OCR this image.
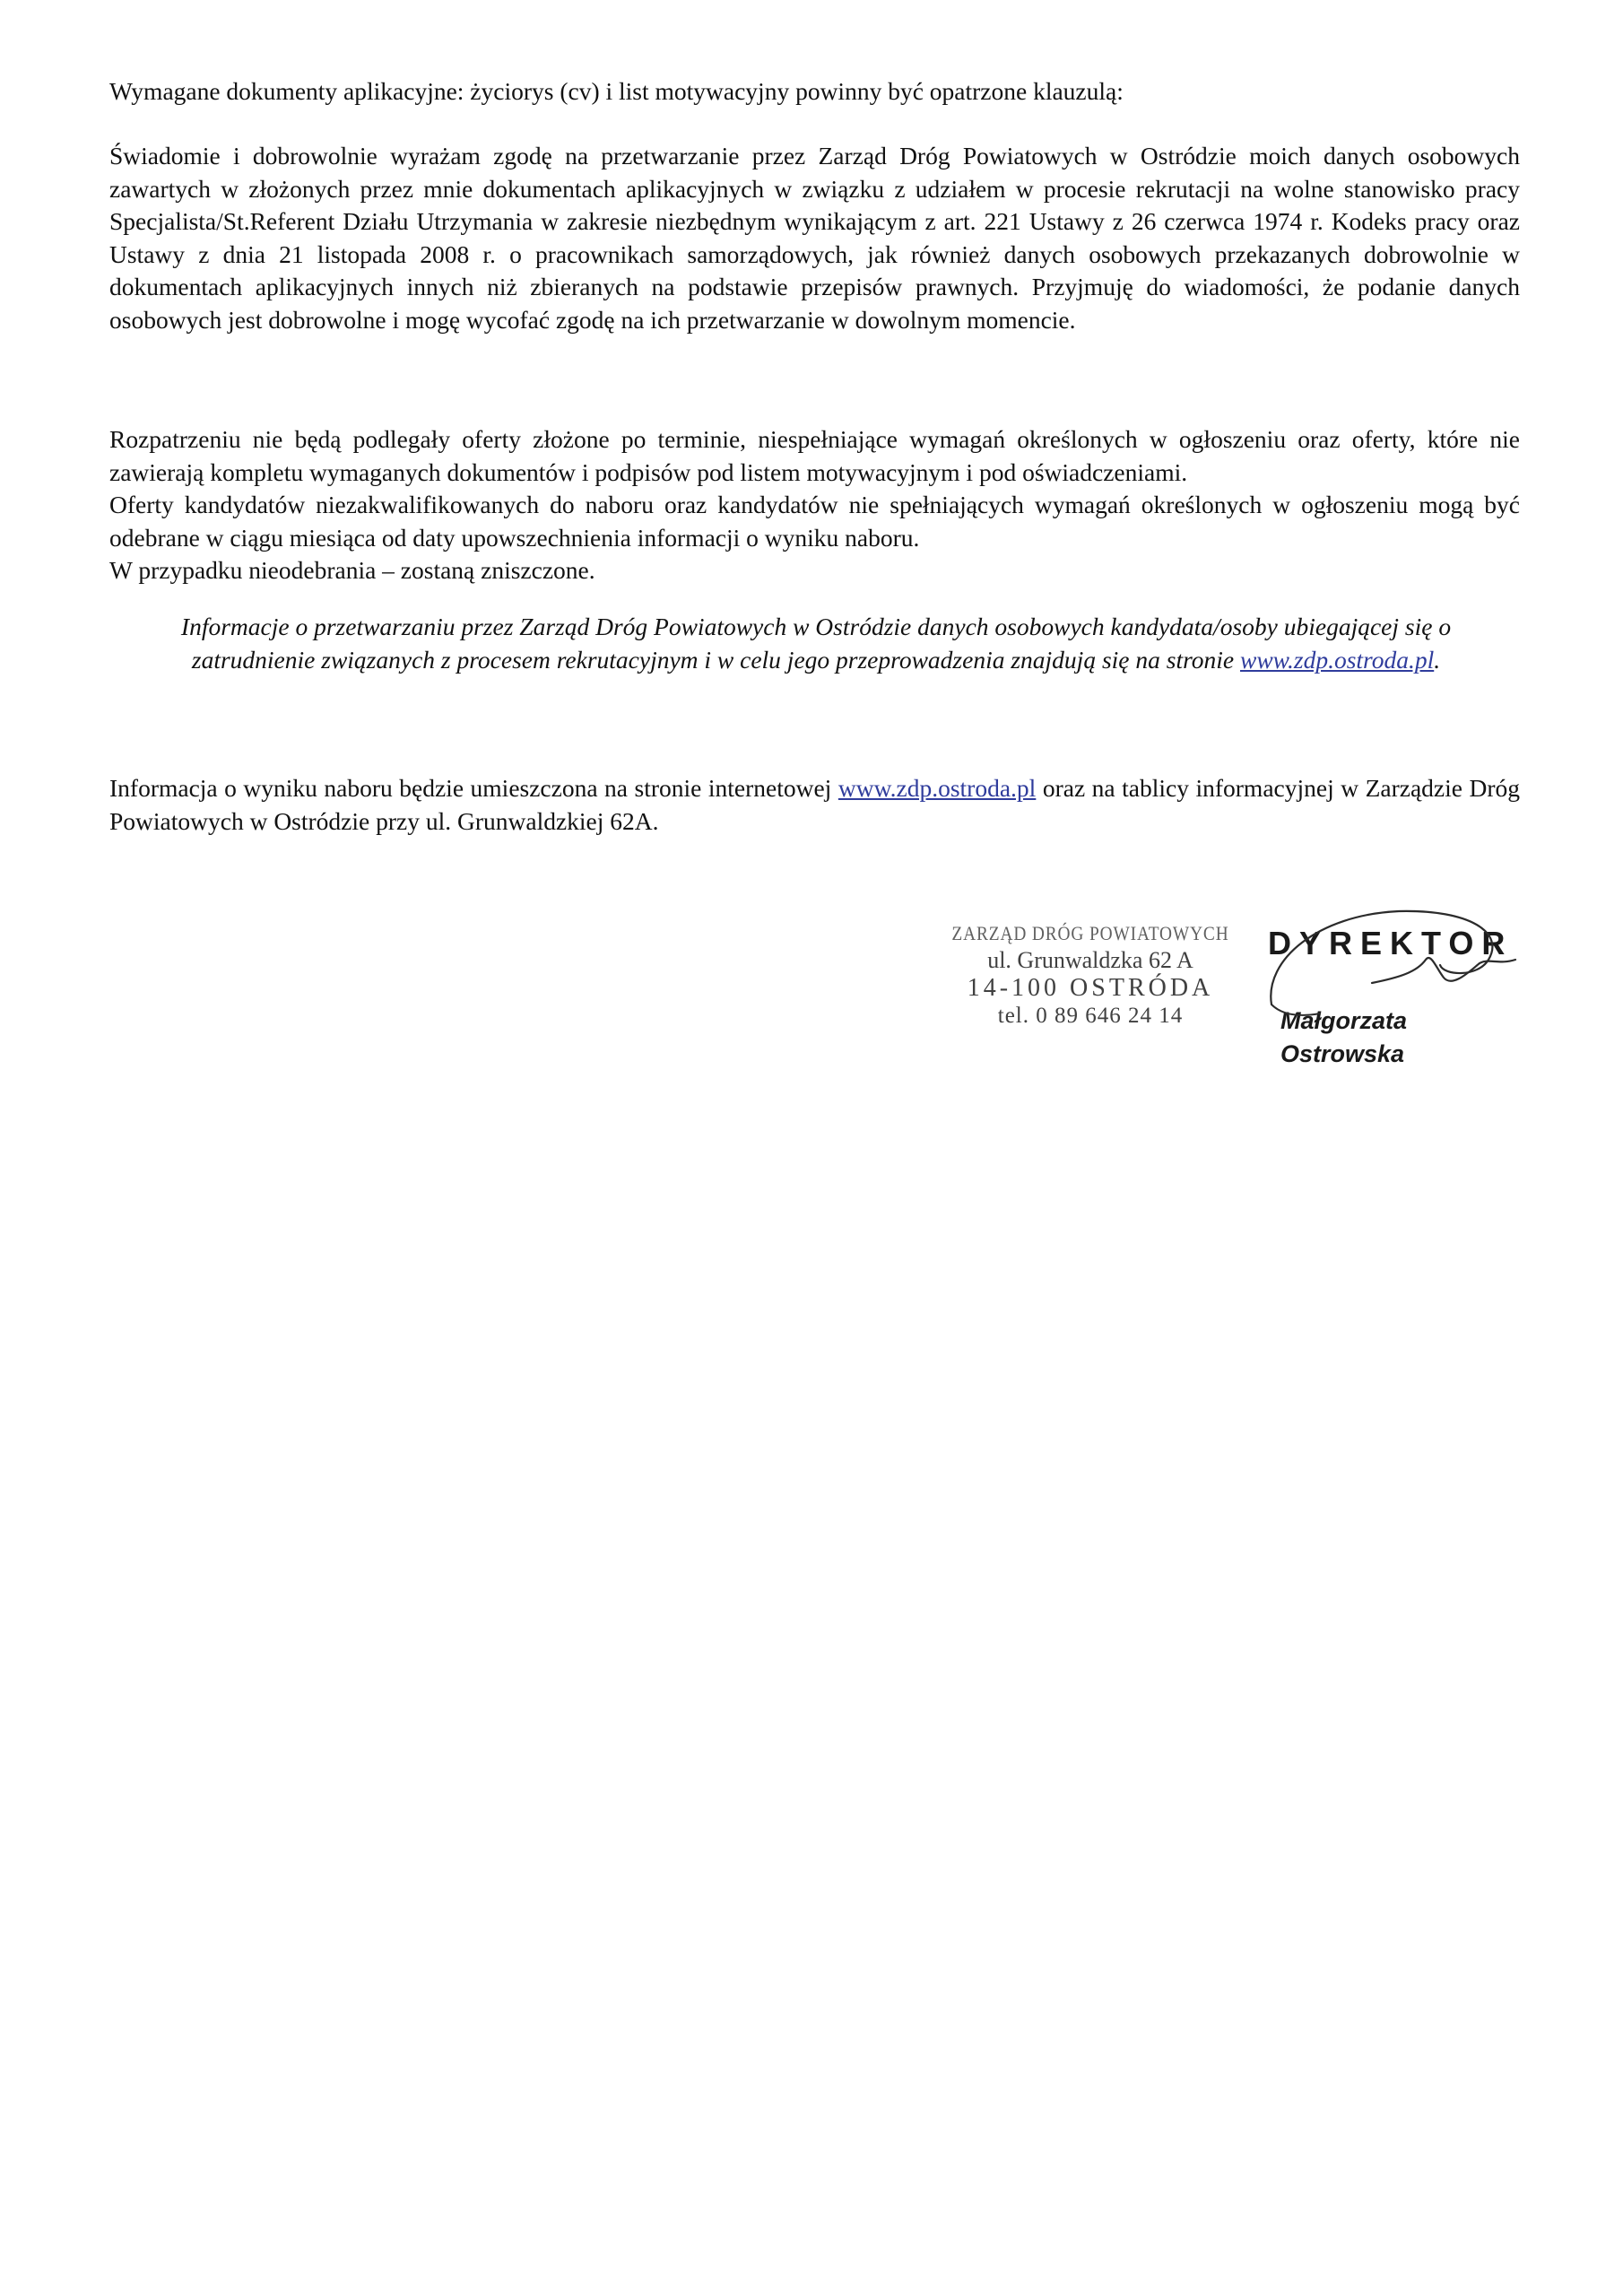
Wymagane dokumenty aplikacyjne: życiorys (cv) i list motywacyjny powinny być opatrzone klauzulą:
Świadomie i dobrowolnie wyrażam zgodę na przetwarzanie przez Zarząd Dróg Powiatowych w Ostródzie moich danych osobowych zawartych w złożonych przez mnie dokumentach aplikacyjnych w związku z udziałem w procesie rekrutacji na wolne stanowisko pracy Specjalista/St.Referent Działu Utrzymania w zakresie niezbędnym wynikającym z art. 221 Ustawy z 26 czerwca 1974 r. Kodeks pracy oraz Ustawy z dnia 21 listopada 2008 r. o pracownikach samorządowych, jak również danych osobowych przekazanych dobrowolnie w dokumentach aplikacyjnych innych niż zbieranych na podstawie przepisów prawnych. Przyjmuję do wiadomości, że podanie danych osobowych jest dobrowolne i mogę wycofać zgodę na ich przetwarzanie w dowolnym momencie.

Rozpatrzeniu nie będą podlegały oferty złożone po terminie, niespełniające wymagań określonych w ogłoszeniu oraz oferty, które nie zawierają kompletu wymaganych dokumentów i podpisów pod listem motywacyjnym i pod oświadczeniami.

Oferty kandydatów niezakwalifikowanych do naboru oraz kandydatów nie spełniających wymagań określonych w ogłoszeniu mogą być odebrane w ciągu miesiąca od daty upowszechnienia informacji o wyniku naboru.

W przypadku nieodebrania – zostaną zniszczone.

Informacje o przetwarzaniu przez Zarząd Dróg Powiatowych w Ostródzie danych osobowych kandydata/osoby ubiegającej się o zatrudnienie związanych z procesem rekrutacyjnym i w celu jego przeprowadzenia znajdują się na stronie www.zdp.ostroda.pl.
Informacja o wyniku naboru będzie umieszczona na stronie internetowej www.zdp.ostroda.pl oraz na tablicy informacyjnej w Zarządzie Dróg Powiatowych w Ostródzie przy ul. Grunwaldzkiej 62A.
ZARZĄD DRÓG POWIATOWYCH
ul. Grunwaldzka 62 A
14-100 OSTRÓDA
tel. 0 89 646 24 14
DYREKTOR
Małgorzata Ostrowska
